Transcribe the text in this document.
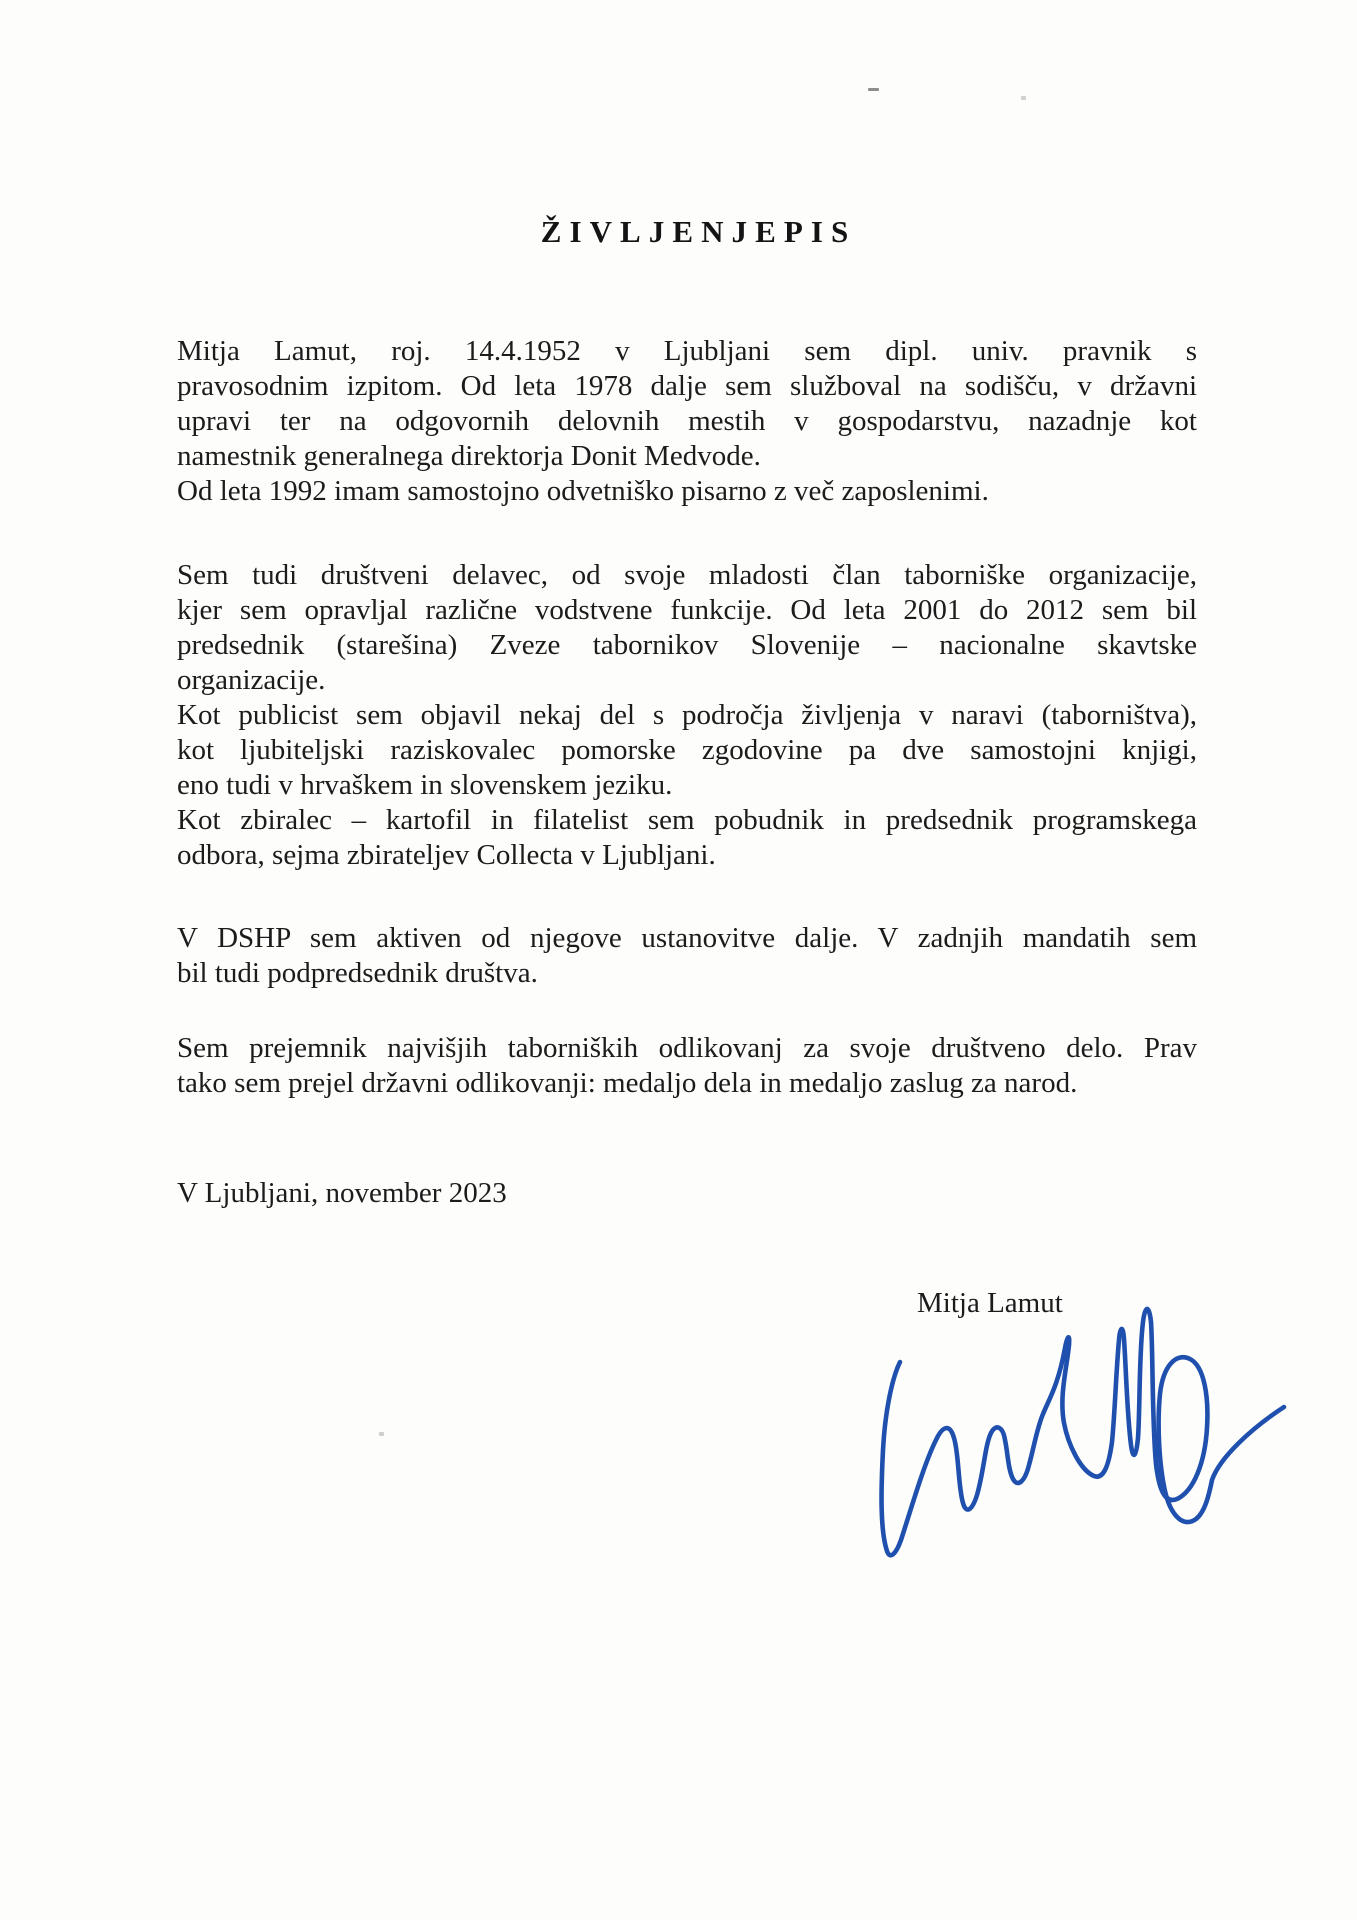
ŽIVLJENJEPIS
Mitja Lamut, roj. 14.4.1952 v Ljubljani sem dipl. univ. pravnik s
pravosodnim izpitom. Od leta 1978 dalje sem služboval na sodišču, v državni
upravi ter na odgovornih delovnih mestih v gospodarstvu, nazadnje kot
namestnik generalnega direktorja Donit Medvode.
Od leta 1992 imam samostojno odvetniško pisarno z več zaposlenimi.
Sem tudi društveni delavec, od svoje mladosti član taborniške organizacije,
kjer sem opravljal različne vodstvene funkcije. Od leta 2001 do 2012 sem bil
predsednik (starešina) Zveze tabornikov Slovenije – nacionalne skavtske
organizacije.
Kot publicist sem objavil nekaj del s področja življenja v naravi (taborništva),
kot ljubiteljski raziskovalec pomorske zgodovine pa dve samostojni knjigi,
eno tudi v hrvaškem in slovenskem jeziku.
Kot zbiralec – kartofil in filatelist sem pobudnik in predsednik programskega
odbora, sejma zbirateljev Collecta v Ljubljani.
V DSHP sem aktiven od njegove ustanovitve dalje. V zadnjih mandatih sem
bil tudi podpredsednik društva.
Sem prejemnik najvišjih taborniških odlikovanj za svoje društveno delo. Prav
tako sem prejel državni odlikovanji: medaljo dela in medaljo zaslug za narod.
V Ljubljani, november 2023
Mitja Lamut
